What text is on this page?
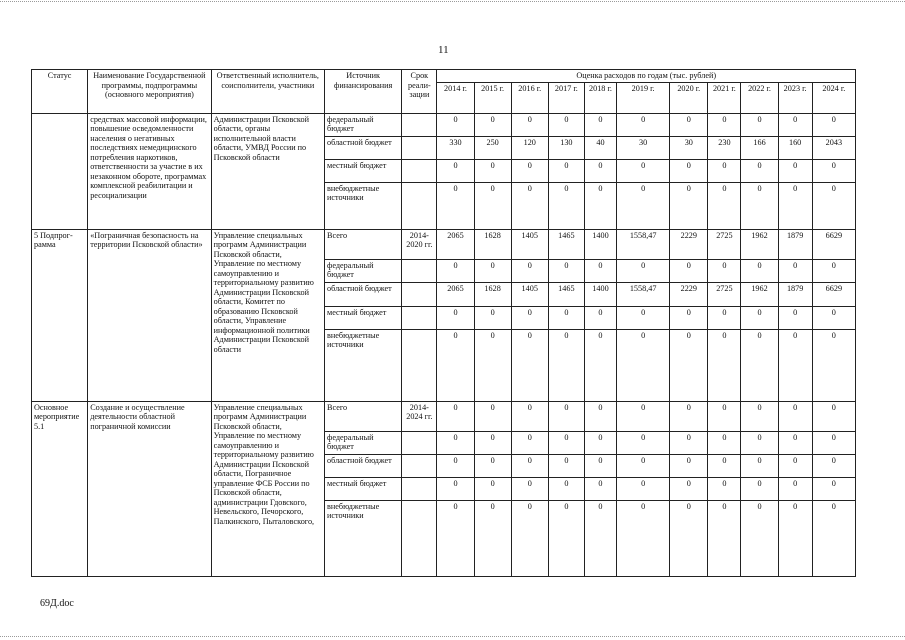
11
Статус	Наименование Государственной программы, подпрограммы (основного мероприятия)	Ответственный исполнитель, соисполнители, участники	Источник финансирования	Срок реали-зации	Оценка расходов по годам (тыс. рублей)										
					2014 г.	2015 г.	2016 г.	2017 г.	2018 г.	2019 г.	2020 г.	2021 г.	2022 г.	2023 г.	2024 г.
	средствах массовой информации, повышение осведомленности населения о негативных последствиях немедицинского потребления наркотиков, ответственности за участие в их незаконном обороте, программах комплексной реабилитации и ресоциализации	Администрации Псковской области, органы исполнительной власти области, УМВД России по Псковской области	федеральный бюджет		0	0	0	0	0	0	0	0	0	0	0
			областной бюджет		330	250	120	130	40	30	30	230	166	160	2043
			местный бюджет		0	0	0	0	0	0	0	0	0	0	0
			внебюджетные источники		0	0	0	0	0	0	0	0	0	0	0
5 Подпрог-рамма	«Пограничная безопасность на территории Псковской области»	Управление специальных программ Администрации Псковской области, Управление по местному самоуправлению и территориальному развитию Администрации Псковской области, Комитет по образованию Псковской области, Управление информационной политики Администрации Псковской области	Всего	2014-2020 гг.	2065	1628	1405	1465	1400	1558,47	2229	2725	1962	1879	6629
			федеральный бюджет		0	0	0	0	0	0	0	0	0	0	0
			областной бюджет		2065	1628	1405	1465	1400	1558,47	2229	2725	1962	1879	6629
			местный бюджет		0	0	0	0	0	0	0	0	0	0	0
			внебюджетные источники		0	0	0	0	0	0	0	0	0	0	0
Основное мероприятие 5.1	Создание и осуществление деятельности областной пограничной комиссии	Управление специальных программ Администрации Псковской области, Управление по местному самоуправлению и территориальному развитию Администрации Псковской области, Пограничное управление ФСБ России по Псковской области, администрации Гдовского, Невельского, Печорского, Палкинского, Пыталовского,	Всего	2014-2024 гг.	0	0	0	0	0	0	0	0	0	0	0
			федеральный бюджет		0	0	0	0	0	0	0	0	0	0	0
			областной бюджет		0	0	0	0	0	0	0	0	0	0	0
			местный бюджет		0	0	0	0	0	0	0	0	0	0	0
			внебюджетные источники		0	0	0	0	0	0	0	0	0	0	0
69Д.doc
